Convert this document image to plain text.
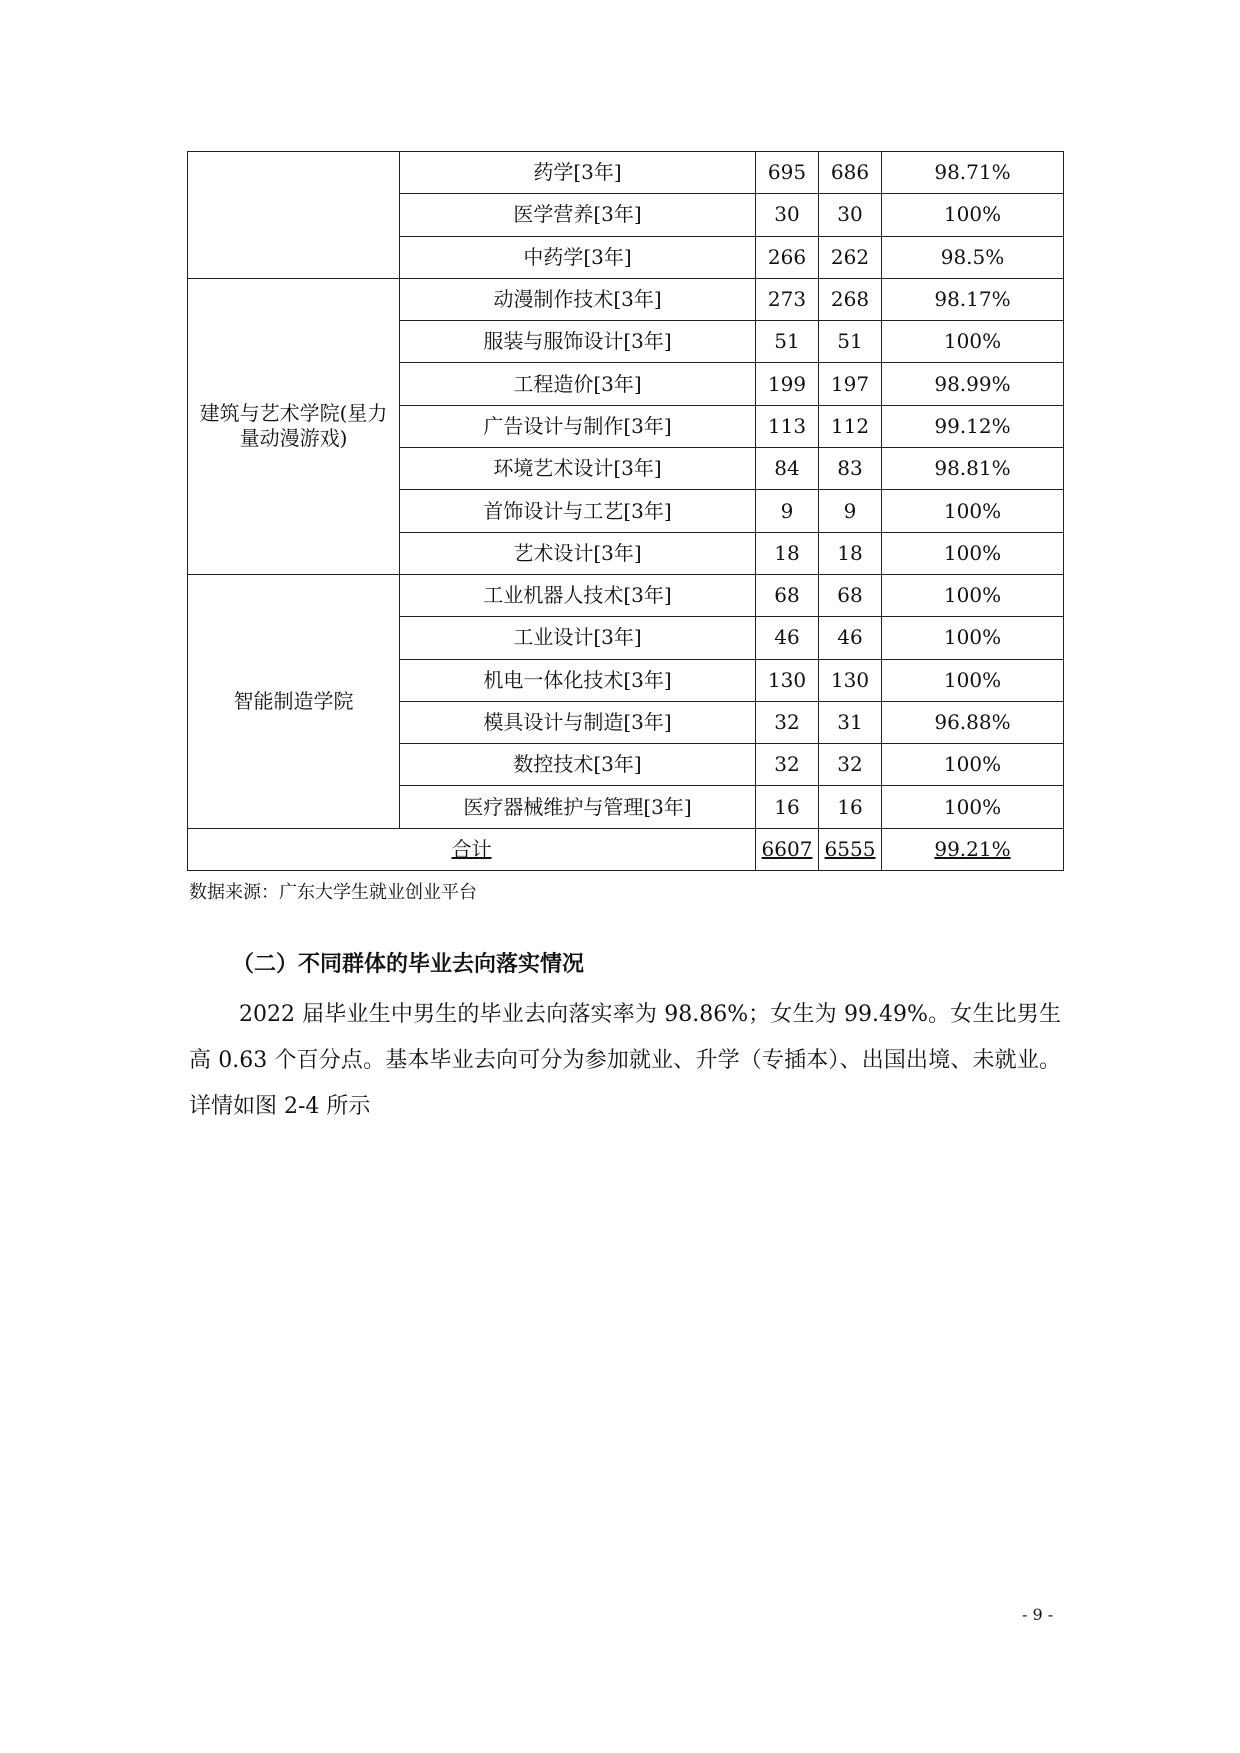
	药学[3年]	695	686	98.71%
	医学营养[3年]	30	30	100%
	中药学[3年]	266	262	98.5%
建筑与艺术学院(星力量动漫游戏)	动漫制作技术[3年]	273	268	98.17%
	服装与服饰设计[3年]	51	51	100%
	工程造价[3年]	199	197	98.99%
	广告设计与制作[3年]	113	112	99.12%
	环境艺术设计[3年]	84	83	98.81%
	首饰设计与工艺[3年]	9	9	100%
	艺术设计[3年]	18	18	100%
智能制造学院	工业机器人技术[3年]	68	68	100%
	工业设计[3年]	46	46	100%
	机电一体化技术[3年]	130	130	100%
	模具设计与制造[3年]	32	31	96.88%
	数控技术[3年]	32	32	100%
	医疗器械维护与管理[3年]	16	16	100%
合计		6607	6555	99.21%
数据来源：广东大学生就业创业平台
（二）不同群体的毕业去向落实情况

2022 届毕业生中男生的毕业去向落实率为 98.86%；女生为 99.49%。女生比男生高 0.63 个百分点。基本毕业去向可分为参加就业、升学（专插本）、出国出境、未就业。详情如图 2-4 所示

- 9 -
